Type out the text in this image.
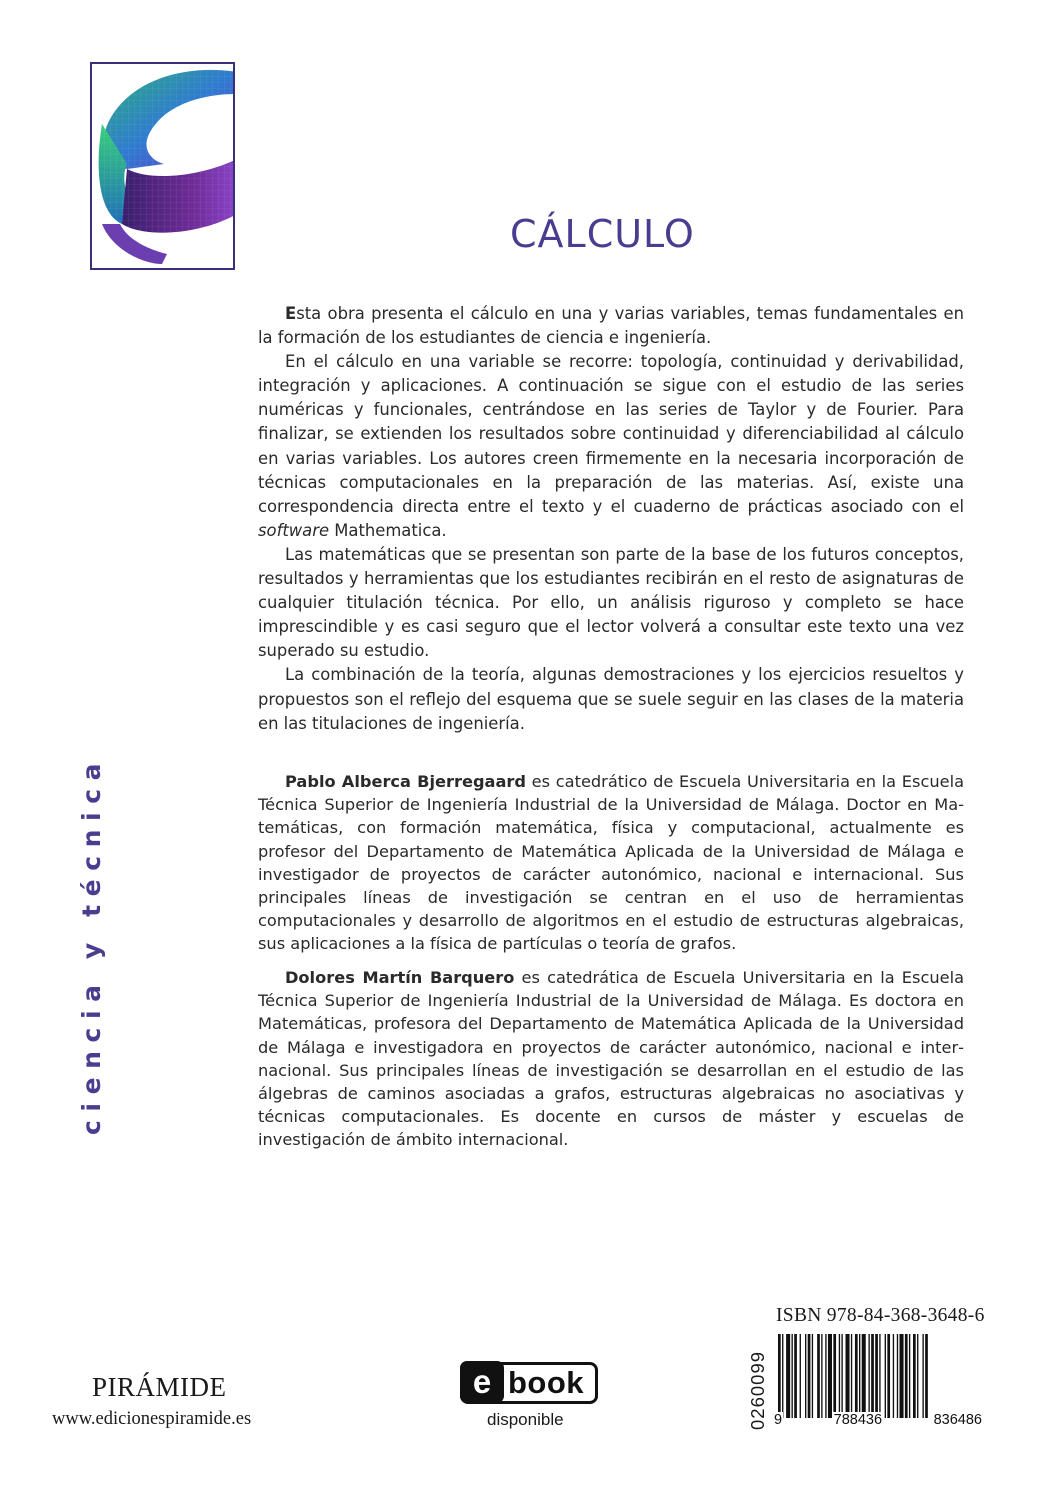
CÁLCULO

Esta obra presenta el cálculo en una y varias variables, temas fundamentales en la formación de los estudiantes de ciencia e ingeniería.

En el cálculo en una variable se recorre: topología, continuidad y derivabilidad, integración y aplicaciones. A continuación se sigue con el estudio de las series numéricas y funcionales, centrándose en las series de Taylor y de Fourier. Para finalizar, se extienden los resultados sobre continuidad y diferenciabilidad al cálculo en varias variables. Los autores creen firmemente en la necesaria incorporación de técnicas computacionales en la preparación de las materias. Así, existe una correspondencia directa entre el texto y el cuaderno de prácticas asociado con el software Mathematica.

Las matemáticas que se presentan son parte de la base de los futuros conceptos, resultados y herramientas que los estudiantes recibirán en el resto de asignaturas de cualquier titulación técnica. Por ello, un análisis riguroso y completo se hace imprescindible y es casi seguro que el lector volverá a consultar este texto una vez superado su estudio.

La combinación de la teoría, algunas demostraciones y los ejercicios resueltos y propuestos son el reflejo del esquema que se suele seguir en las clases de la materia en las titulaciones de ingeniería.

Pablo Alberca Bjerregaard es catedrático de Escuela Universitaria en la Escuela Técnica Superior de Ingeniería Industrial de la Universidad de Málaga. Doctor en Matemáticas, con formación matemática, física y computacional, actualmente es profesor del Departamento de Matemática Aplicada de la Universidad de Málaga e investigador de proyectos de carácter autonómico, nacional e internacional. Sus principales líneas de investigación se centran en el uso de herramientas computacionales y desarrollo de algoritmos en el estudio de estructuras algebraicas, sus aplicaciones a la física de partículas o teoría de grafos.

Dolores Martín Barquero es catedrática de Escuela Universitaria en la Escuela Técnica Superior de Ingeniería Industrial de la Universidad de Málaga. Es doctora en Matemáticas, profesora del Departamento de Matemática Aplicada de la Universidad de Málaga e investigadora en proyectos de carácter autonómico, nacional e internacional. Sus principales líneas de investigación se desarrollan en el estudio de las álgebras de caminos asociadas a grafos, estructuras algebraicas no asociativas y técnicas computacionales. Es docente en cursos de máster y escuelas de investigación de ámbito internacional.

ciencia y técnica
PIRÁMIDE
www.edicionespiramide.es
e book
disponible
ISBN 978-84-368-3648-6
0260099 9	788436	836486
